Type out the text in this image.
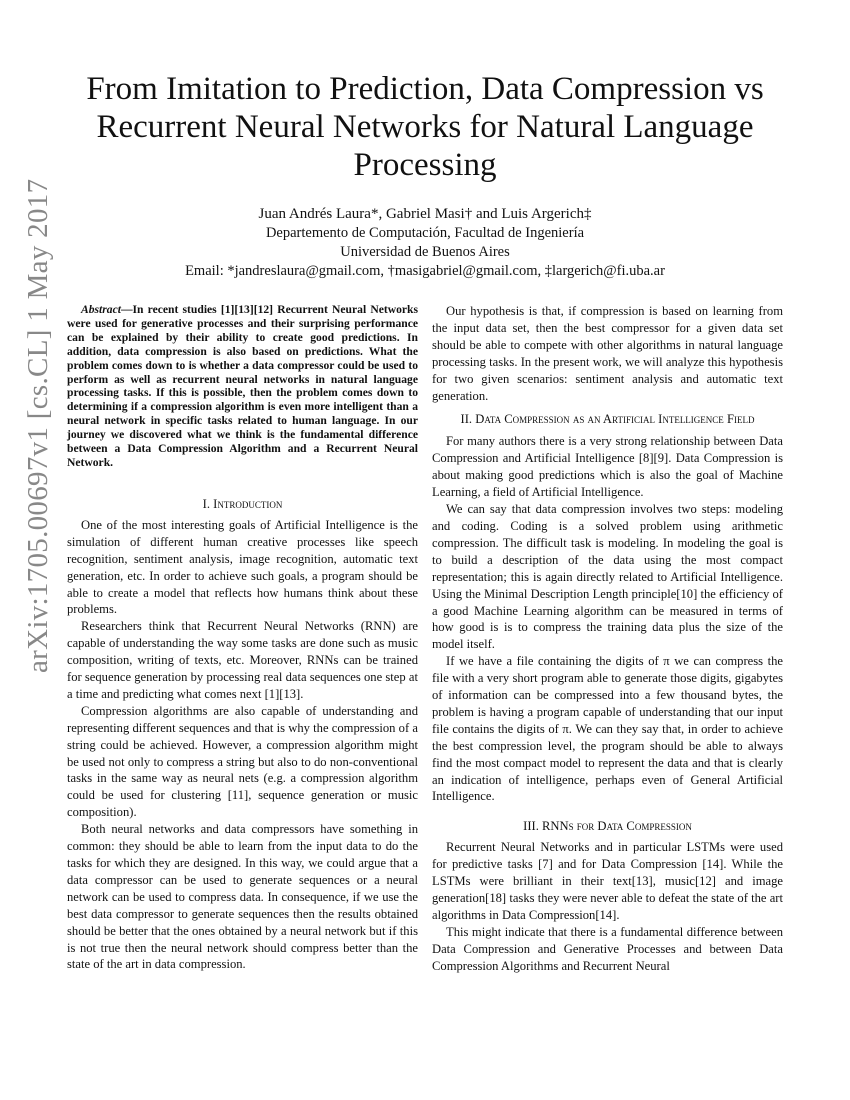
arXiv:1705.00697v1 [cs.CL] 1 May 2017
From Imitation to Prediction, Data Compression vs Recurrent Neural Networks for Natural Language Processing
Juan Andrés Laura*, Gabriel Masi† and Luis Argerich‡
Departemento de Computación, Facultad de Ingeniería
Universidad de Buenos Aires
Email: *jandreslaura@gmail.com, †masigabriel@gmail.com, ‡largerich@fi.uba.ar

Abstract—In recent studies [1][13][12] Recurrent Neural Networks were used for generative processes and their surprising performance can be explained by their ability to create good predictions. In addition, data compression is also based on predictions. What the problem comes down to is whether a data compressor could be used to perform as well as recurrent neural networks in natural language processing tasks. If this is possible, then the problem comes down to determining if a compression algorithm is even more intelligent than a neural network in specific tasks related to human language. In our journey we discovered what we think is the fundamental difference between a Data Compression Algorithm and a Recurrent Neural Network.

I. Introduction

One of the most interesting goals of Artificial Intelligence is the simulation of different human creative processes like speech recognition, sentiment analysis, image recognition, automatic text generation, etc. In order to achieve such goals, a program should be able to create a model that reflects how humans think about these problems.

Researchers think that Recurrent Neural Networks (RNN) are capable of understanding the way some tasks are done such as music composition, writing of texts, etc. Moreover, RNNs can be trained for sequence generation by processing real data sequences one step at a time and predicting what comes next [1][13].

Compression algorithms are also capable of understanding and representing different sequences and that is why the compression of a string could be achieved. However, a compression algorithm might be used not only to compress a string but also to do non-conventional tasks in the same way as neural nets (e.g. a compression algorithm could be used for clustering [11], sequence generation or music composition).

Both neural networks and data compressors have something in common: they should be able to learn from the input data to do the tasks for which they are designed. In this way, we could argue that a data compressor can be used to generate sequences or a neural network can be used to compress data. In consequence, if we use the best data compressor to generate sequences then the results obtained should be better that the ones obtained by a neural network but if this is not true then the neural network should compress better than the state of the art in data compression.

Our hypothesis is that, if compression is based on learning from the input data set, then the best compressor for a given data set should be able to compete with other algorithms in natural language processing tasks. In the present work, we will analyze this hypothesis for two given scenarios: sentiment analysis and automatic text generation.

II. Data Compression as an Artificial Intelligence Field

For many authors there is a very strong relationship between Data Compression and Artificial Intelligence [8][9]. Data Compression is about making good predictions which is also the goal of Machine Learning, a field of Artificial Intelligence.

We can say that data compression involves two steps: modeling and coding. Coding is a solved problem using arithmetic compression. The difficult task is modeling. In modeling the goal is to build a description of the data using the most compact representation; this is again directly related to Artificial Intelligence. Using the Minimal Description Length principle[10] the efficiency of a good Machine Learning algorithm can be measured in terms of how good is is to compress the training data plus the size of the model itself.

If we have a file containing the digits of π we can compress the file with a very short program able to generate those digits, gigabytes of information can be compressed into a few thousand bytes, the problem is having a program capable of understanding that our input file contains the digits of π. We can they say that, in order to achieve the best compression level, the program should be able to always find the most compact model to represent the data and that is clearly an indication of intelligence, perhaps even of General Artificial Intelligence.

III. RNNs for Data Compression

Recurrent Neural Networks and in particular LSTMs were used for predictive tasks [7] and for Data Compression [14]. While the LSTMs were brilliant in their text[13], music[12] and image generation[18] tasks they were never able to defeat the state of the art algorithms in Data Compression[14].

This might indicate that there is a fundamental difference between Data Compression and Generative Processes and between Data Compression Algorithms and Recurrent Neural
